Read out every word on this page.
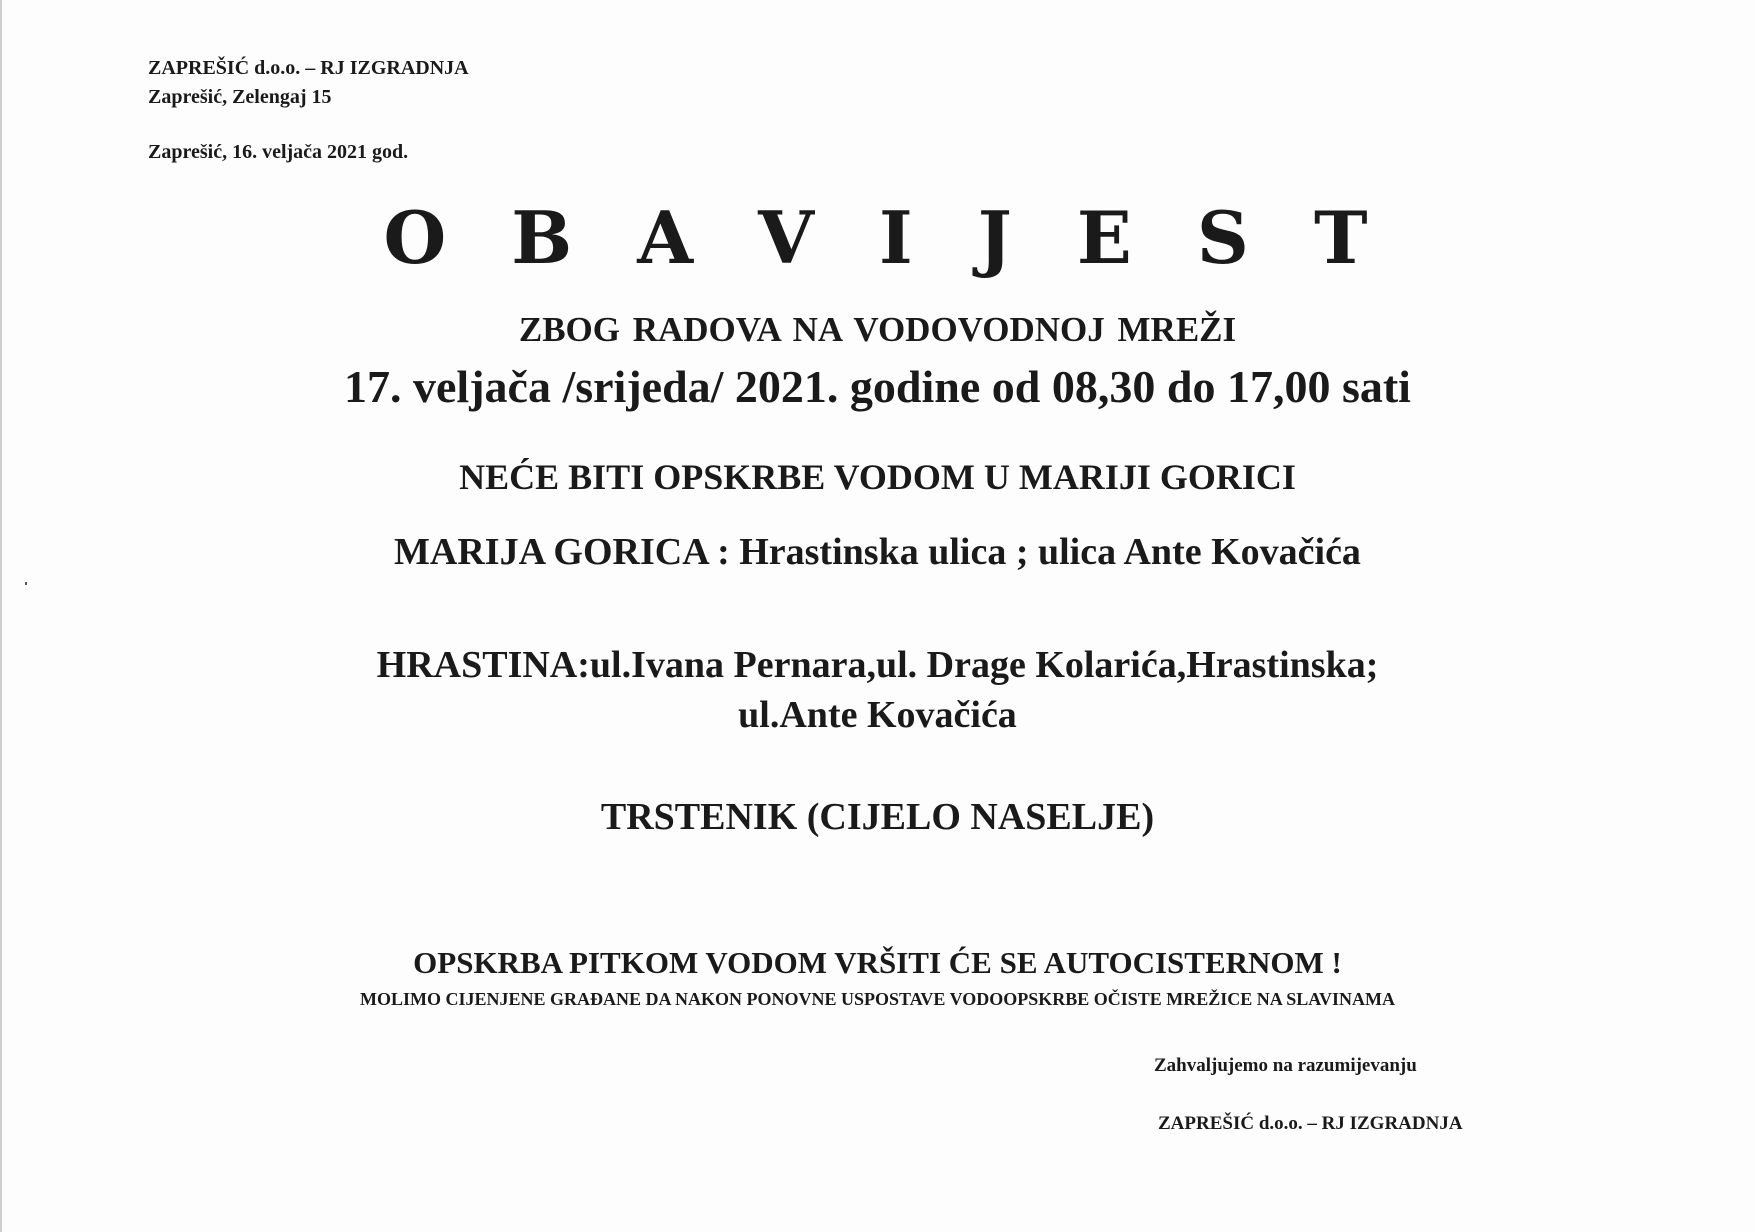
ZAPREŠIĆ d.o.o. – RJ IZGRADNJA
Zaprešić, Zelengaj 15
Zaprešić, 16. veljača 2021 god.
O B A V I J E S T
ZBOG RADOVA NA VODOVODNOJ MREŽI
17. veljača /srijeda/ 2021. godine od 08,30 do 17,00 sati
NEĆE BITI OPSKRBE VODOM U MARIJI GORICI
MARIJA GORICA : Hrastinska ulica ; ulica Ante Kovačića
HRASTINA:ul.Ivana Pernara,ul. Drage Kolarića,Hrastinska;
ul.Ante Kovačića
TRSTENIK (CIJELO NASELJE)
OPSKRBA PITKOM VODOM VRŠITI ĆE SE AUTOCISTERNOM !
MOLIMO CIJENJENE GRAĐANE DA NAKON PONOVNE USPOSTAVE VODOOPSKRBE OČISTE MREŽICE NA SLAVINAMA
Zahvaljujemo na razumijevanju
ZAPREŠIĆ d.o.o. – RJ IZGRADNJA
